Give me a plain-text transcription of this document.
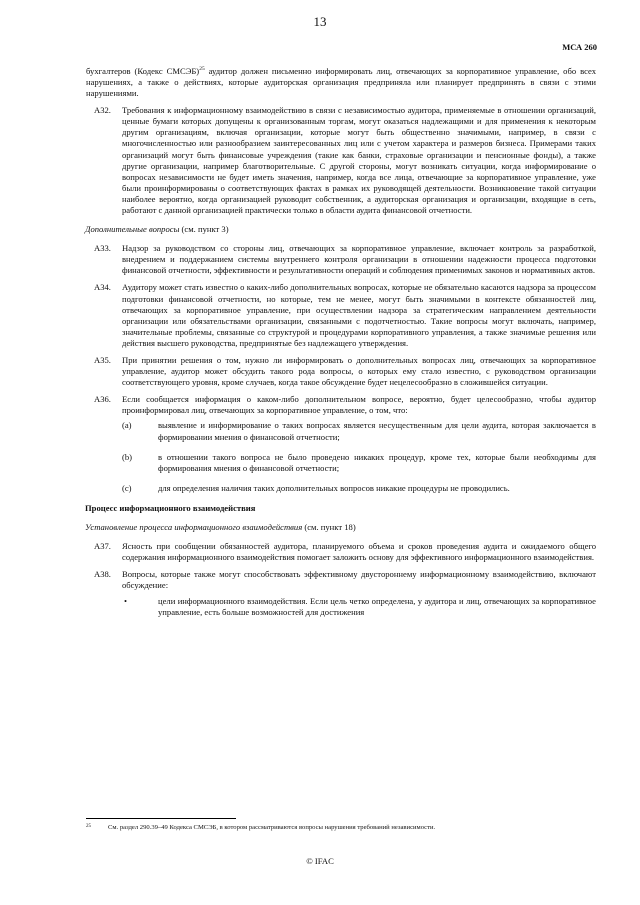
13
МСА 260

бухгалтеров (Кодекс СМСЭБ)$^{25}$ аудитор должен письменно информировать лиц, отвечающих за корпоративное управление, обо всех нарушениях, а также о действиях, которые аудиторская организация предприняла или планирует предпринять в связи с этими нарушениями.

A32. Требования к информационному взаимодействию в связи с независимостью аудитора, применяемые в отношении организаций, ценные бумаги которых допущены к организованным торгам, могут оказаться надлежащими и для применения к некоторым другим организациям, включая организации, которые могут быть общественно значимыми, например, в связи с многочисленностью или разнообразием заинтересованных лиц или с учетом характера и размеров бизнеса. Примерами таких организаций могут быть финансовые учреждения (такие как банки, страховые организации и пенсионные фонды), а также другие организации, например благотворительные. С другой стороны, могут возникать ситуации, когда информирование о вопросах независимости не будет иметь значения, например, когда все лица, отвечающие за корпоративное управление, уже были проинформированы о соответствующих фактах в рамках их руководящей деятельности. Возникновение такой ситуации наиболее вероятно, когда организацией руководит собственник, а аудиторская организация и организации, входящие в сеть, работают с данной организацией практически только в области аудита финансовой отчетности.
Дополнительные вопросы (см. пункт 3)
A33. Надзор за руководством со стороны лиц, отвечающих за корпоративное управление, включает контроль за разработкой, внедрением и поддержанием системы внутреннего контроля организации в отношении надежности процесса подготовки финансовой отчетности, эффективности и результативности операций и соблюдения применимых законов и нормативных актов.
A34. Аудитору может стать известно о каких-либо дополнительных вопросах, которые не обязательно касаются надзора за процессом подготовки финансовой отчетности, но которые, тем не менее, могут быть значимыми в контексте обязанностей лиц, отвечающих за корпоративное управление, при осуществлении надзора за стратегическим направлением деятельности организации или обязательствами организации, связанными с подотчетностью. Такие вопросы могут включать, например, значительные проблемы, связанные со структурой и процедурами корпоративного управления, а также значимые решения или действия высшего руководства, предпринятые без надлежащего утверждения.
A35. При принятии решения о том, нужно ли информировать о дополнительных вопросах лиц, отвечающих за корпоративное управление, аудитор может обсудить такого рода вопросы, о которых ему стало известно, с руководством организации соответствующего уровня, кроме случаев, когда такое обсуждение будет нецелесообразно в сложившейся ситуации.
A36. Если сообщается информация о каком-либо дополнительном вопросе, вероятно, будет целесообразно, чтобы аудитор проинформировал лиц, отвечающих за корпоративное управление, о том, что:
(a)	выявление и информирование о таких вопросах является несущественным для цели аудита, которая заключается в формировании мнения о финансовой отчетности;
(b)	в отношении такого вопроса не было проведено никаких процедур, кроме тех, которые были необходимы для формирования мнения о финансовой отчетности;
(c)	для определения наличия таких дополнительных вопросов никакие процедуры не проводились.
Процесс информационного взаимодействия
Установление процесса информационного взаимодействия (см. пункт 18)
A37. Ясность при сообщении обязанностей аудитора, планируемого объема и сроков проведения аудита и ожидаемого общего содержания информационного взаимодействия помогает заложить основу для эффективного информационного взаимодействия.
A38. Вопросы, которые также могут способствовать эффективному двустороннему информационному взаимодействию, включают обсуждение:
•	цели информационного взаимодействия. Если цель четко определена, у аудитора и лиц, отвечающих за корпоративное управление, есть больше возможностей для достижения
25	См. раздел 290.39–49 Кодекса СМСЭБ, в котором рассматриваются вопросы нарушения требований независимости.
© IFAC
